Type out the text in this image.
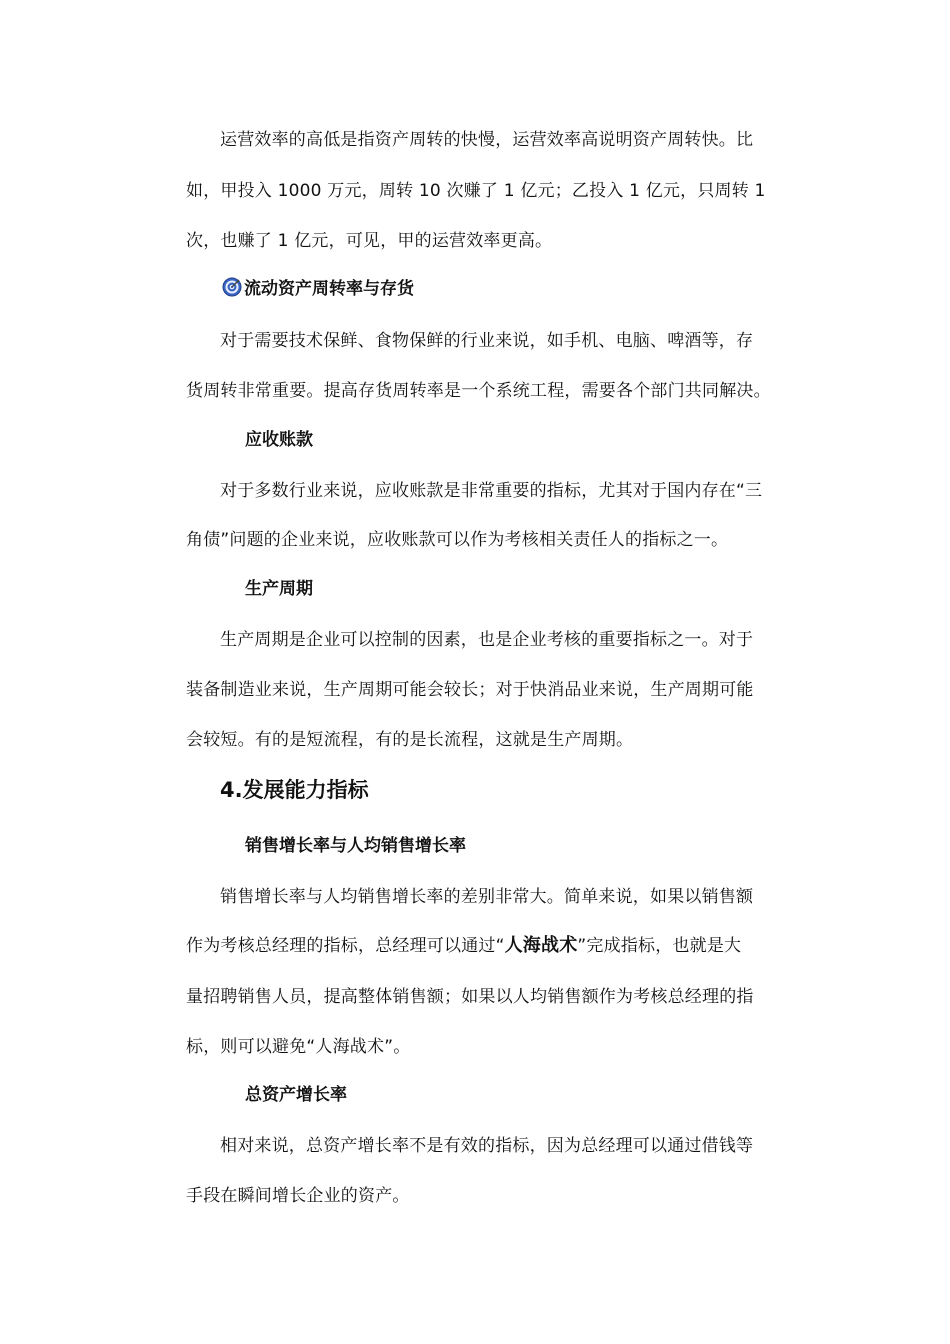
运营效率的高低是指资产周转的快慢，运营效率高说明资产周转快。比
如，甲投入 1000 万元，周转 10 次赚了 1 亿元；乙投入 1 亿元，只周转 1
次，也赚了 1 亿元，可见，甲的运营效率更高。
流动资产周转率与存货
对于需要技术保鲜、食物保鲜的行业来说，如手机、电脑、啤酒等，存
货周转非常重要。提高存货周转率是一个系统工程，需要各个部门共同解决。
应收账款
对于多数行业来说，应收账款是非常重要的指标，尤其对于国内存在“三
角债”问题的企业来说，应收账款可以作为考核相关责任人的指标之一。
生产周期
生产周期是企业可以控制的因素，也是企业考核的重要指标之一。对于
装备制造业来说，生产周期可能会较长；对于快消品业来说，生产周期可能
会较短。有的是短流程，有的是长流程，这就是生产周期。
4.发展能力指标
销售增长率与人均销售增长率
销售增长率与人均销售增长率的差别非常大。简单来说，如果以销售额
作为考核总经理的指标，总经理可以通过“人海战术”完成指标，也就是大
量招聘销售人员，提高整体销售额；如果以人均销售额作为考核总经理的指
标，则可以避免“人海战术”。
总资产增长率
相对来说，总资产增长率不是有效的指标，因为总经理可以通过借钱等
手段在瞬间增长企业的资产。
